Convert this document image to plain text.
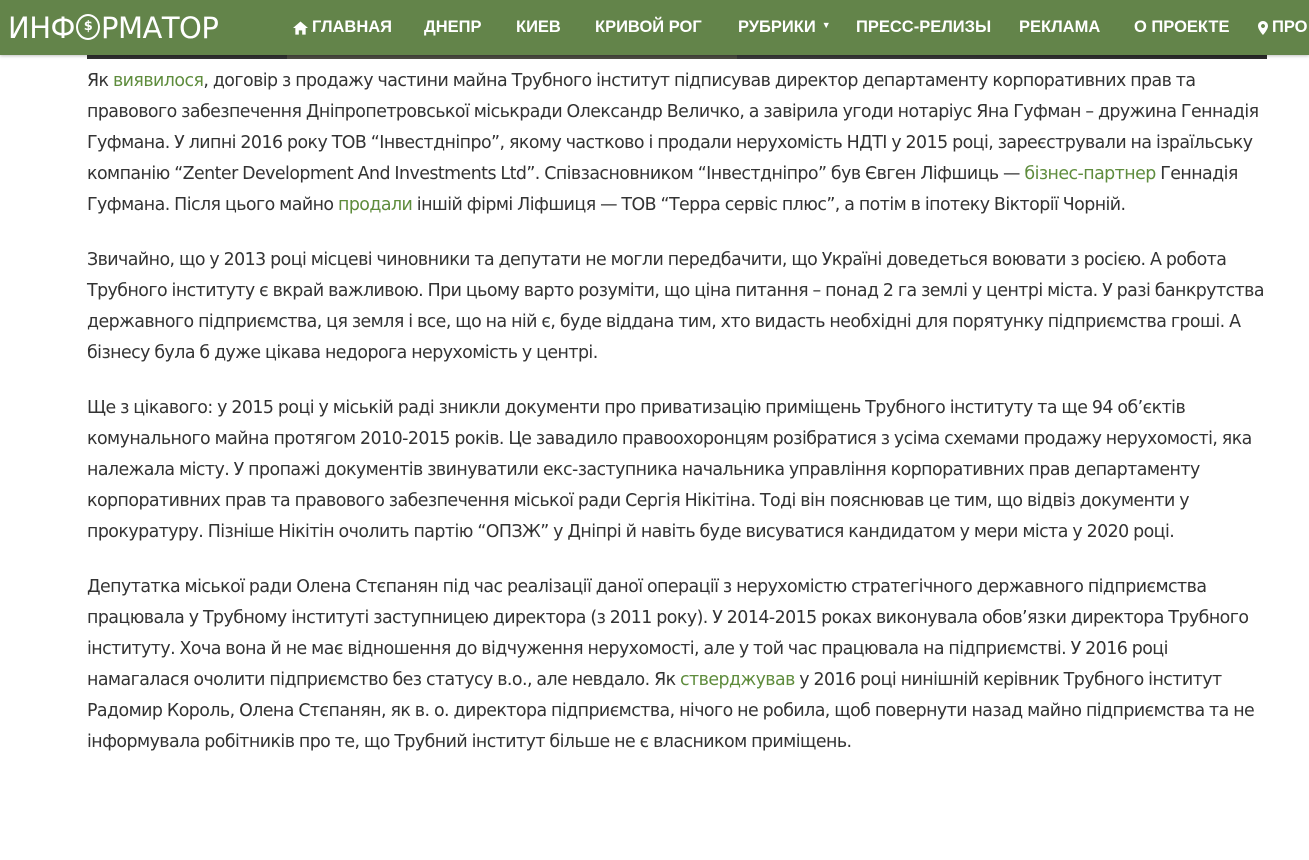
ИНФ $ РМАТОР	ГЛАВНАЯ ДНЕПР КИЕВ КРИВОЙ РОГ РУБРИКИ ▼ ПРЕСС-РЕЛИЗЫ РЕКЛАМА О ПРОЕКТЕ	ПРО

Як виявилося, договір з продажу частини майна Трубного інститут підписував директор департаменту корпоративних прав та правового забезпечення Дніпропетровської міськради Олександр Величко, а завірила угоди нотаріус Яна Гуфман – дружина Геннадія Гуфмана. У липні 2016 року ТОВ “Інвестдніпро”, якому частково і продали нерухомість НДТІ у 2015 році, зареєстрували на ізраїльську компанію “Zenter Development And Investments Ltd”. Співзасновником “Інвестдніпро” був Євген Ліфшиць — бізнес-партнер Геннадія Гуфмана. Після цього майно продали іншій фірмі Ліфшиця — ТОВ “Терра сервіс плюс”, а потім в іпотеку Вікторії Чорній.

Звичайно, що у 2013 році місцеві чиновники та депутати не могли передбачити, що Україні доведеться воювати з росією. А робота Трубного інституту є вкрай важливою. При цьому варто розуміти, що ціна питання – понад 2 га землі у центрі міста. У разі банкрутства державного підприємства, ця земля і все, що на ній є, буде віддана тим, хто видасть необхідні для порятунку підприємства гроші. А бізнесу була б дуже цікава недорога нерухомість у центрі.

Ще з цікавого: у 2015 році у міській раді зникли документи про приватизацію приміщень Трубного інституту та ще 94 об’єктів комунального майна протягом 2010-2015 років. Це завадило правоохоронцям розібратися з усіма схемами продажу нерухомості, яка належала місту. У пропажі документів звинуватили екс-заступника начальника управління корпоративних прав департаменту корпоративних прав та правового забезпечення міської ради Сергія Нікітіна. Тоді він пояснював це тим, що відвіз документи у прокуратуру. Пізніше Нікітін очолить партію “ОПЗЖ” у Дніпрі й навіть буде висуватися кандидатом у мери міста у 2020 році.

Депутатка міської ради Олена Стєпанян під час реалізації даної операції з нерухомістю стратегічного державного підприємства працювала у Трубному інституті заступницею директора (з 2011 року). У 2014-2015 роках виконувала обов’язки директора Трубного інституту. Хоча вона й не має відношення до відчуження нерухомості, але у той час працювала на підприємстві. У 2016 році намагалася очолити підприємство без статусу в.о., але невдало. Як стверджував у 2016 році нинішній керівник Трубного інститут Радомир Король, Олена Стєпанян, як в. о. директора підприємства, нічого не робила, щоб повернути назад майно підприємства та не інформувала робітників про те, що Трубний інститут більше не є власником приміщень.
